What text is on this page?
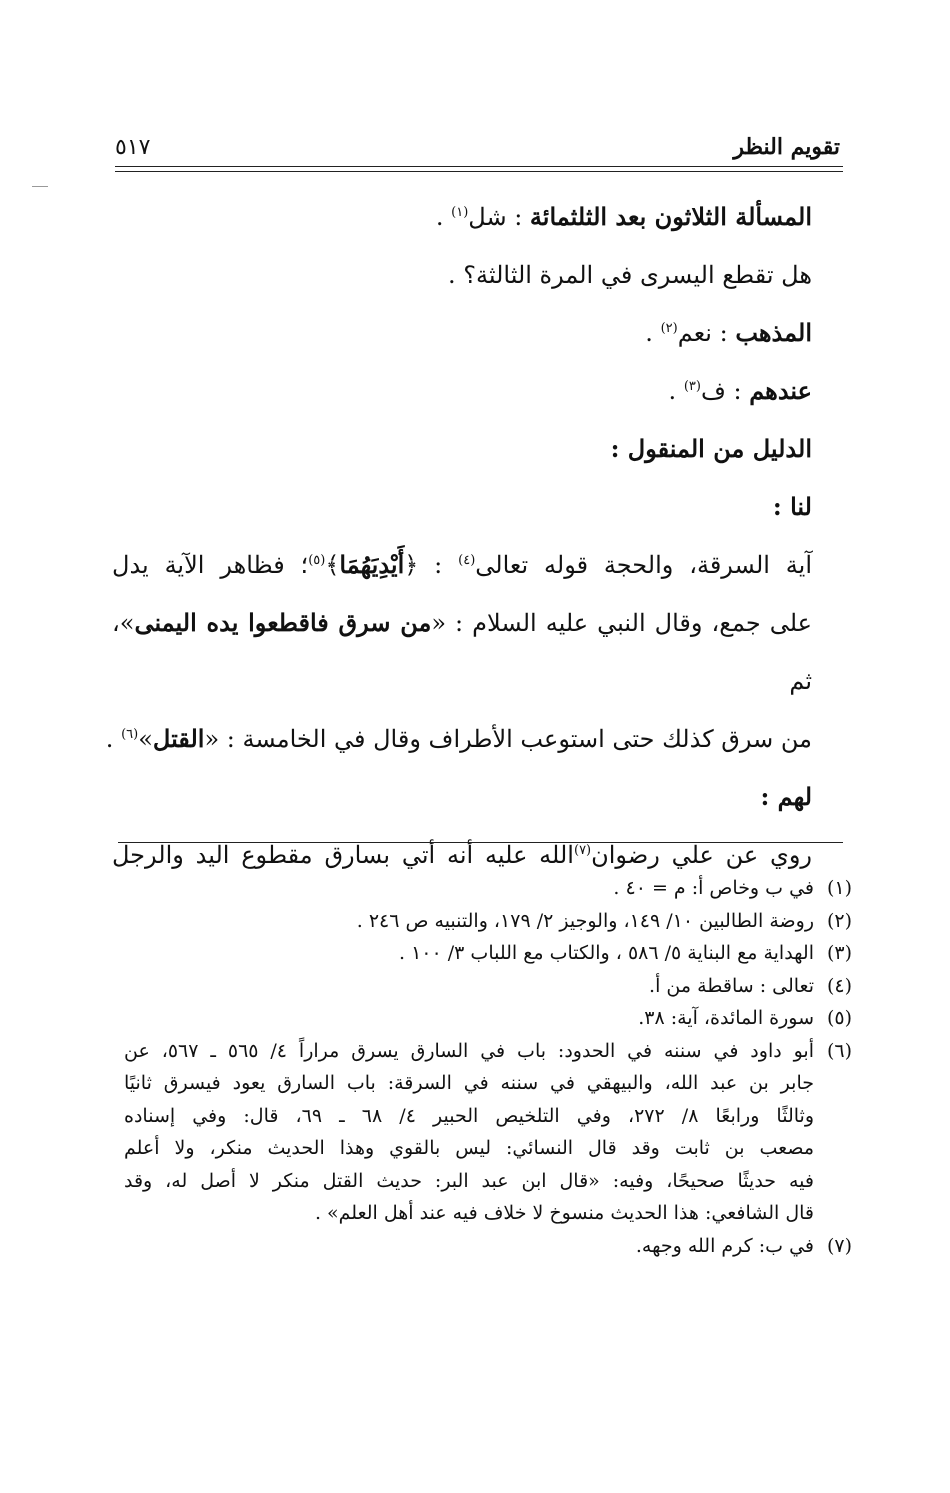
تقويم النظر
٥١٧
المسألة الثلاثون بعد الثلثمائة : شل$^{(١)}$ .
هل تقطع اليسرى في المرة الثالثة؟ .
المذهب : نعم$^{(٢)}$ .
عندهم : ف$^{(٣)}$ .
الدليل من المنقول :
لنا :
آية السرقة، والحجة قوله تعالى$^{(٤)}$ : ﴿أَيْدِيَهُمَا﴾$^{(٥)}$؛ فظاهر الآية يدل
على جمع، وقال النبي عليه السلام : «من سرق فاقطعوا يده اليمنى»، ثم
من سرق كذلك حتى استوعب الأطراف وقال في الخامسة : «القتل»$^{(٦)}$ .
لهم :
روي عن علي رضوان$^{(٧)}$الله عليه أنه أتي بسارق مقطوع اليد والرجل
(١)
في ب وخاص أ: م = ٤٠ .
(٢)
روضة الطالبين ١٠/ ١٤٩، والوجيز ٢/ ١٧٩، والتنبيه ص ٢٤٦ .
(٣)
الهداية مع البناية ٥/ ٥٨٦ ، والكتاب مع اللباب ٣/ ١٠٠ .
(٤)
تعالى : ساقطة من أ.
(٥)
سورة المائدة، آية: ٣٨.
(٦)
أبو داود في سننه في الحدود: باب في السارق يسرق مراراً ٤/ ٥٦٥ ـ ٥٦٧، عن
جابر بن عبد الله، والبيهقي في سننه في السرقة: باب السارق يعود فيسرق ثانيًا
وثالثًا ورابعًا ٨/ ٢٧٢، وفي التلخيص الحبير ٤/ ٦٨ ـ ٦٩، قال: وفي إسناده
مصعب بن ثابت وقد قال النسائي: ليس بالقوي وهذا الحديث منكر، ولا أعلم
فيه حديثًا صحيحًا، وفيه: «قال ابن عبد البر: حديث القتل منكر لا أصل له، وقد
قال الشافعي: هذا الحديث منسوخ لا خلاف فيه عند أهل العلم» .
(٧)
في ب: كرم الله وجهه.
